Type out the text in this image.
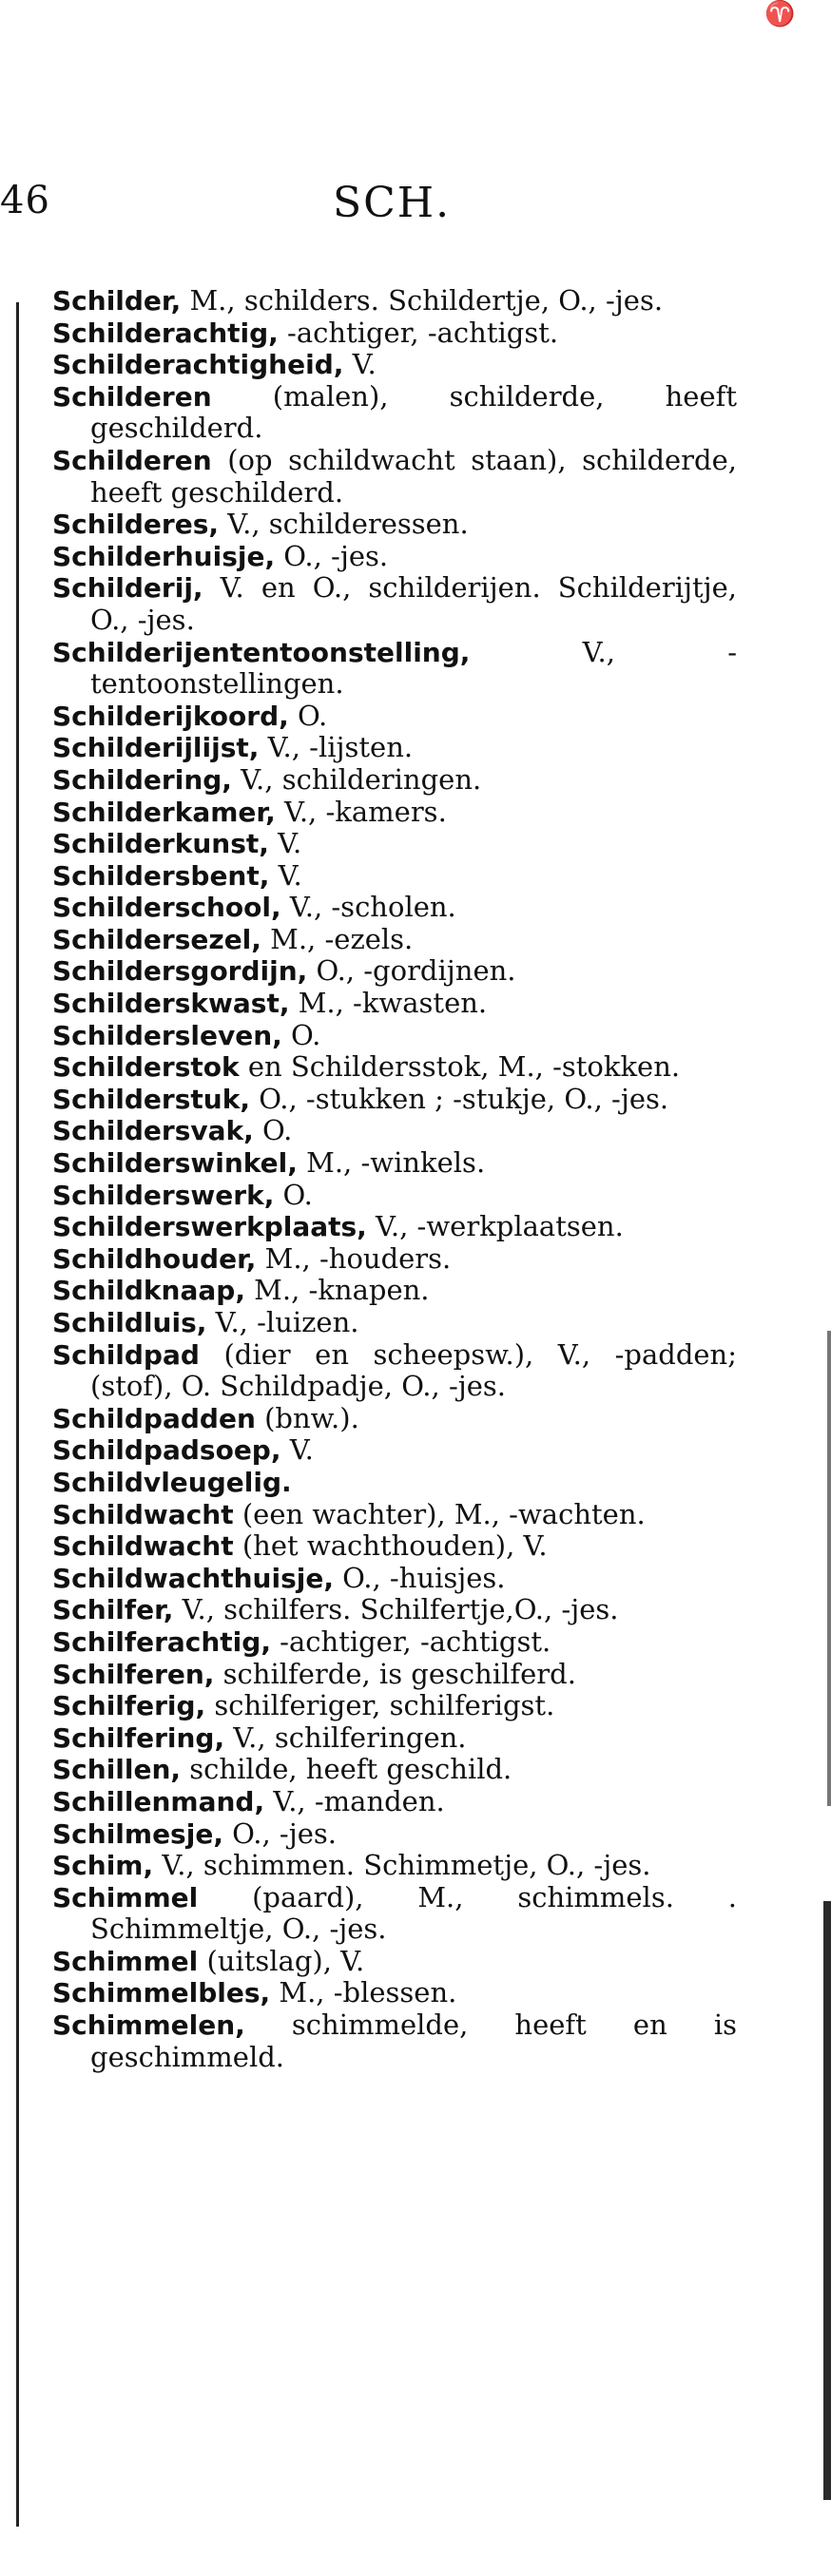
♈
46	SCH.
Schilder, M., schilders. Schildertje, O., -jes.
Schilderachtig, -achtiger, -achtigst.
Schilderachtigheid, V.
Schilderen (malen), schilderde, heeft geschilderd.
Schilderen (op schildwacht staan), schilderde, heeft geschilderd.
Schilderes, V., schilderessen.
Schilderhuisje, O., -jes.
Schilderij, V. en O., schilderijen. Schilderijtje, O., -jes.
Schilderijententoonstelling, V., -tentoonstellingen.
Schilderijkoord, O.
Schilderijlijst, V., -lijsten.
Schildering, V., schilderingen.
Schilderkamer, V., -kamers.
Schilderkunst, V.
Schildersbent, V.
Schilderschool, V., -scholen.
Schildersezel, M., -ezels.
Schildersgordijn, O., -gordijnen.
Schilderskwast, M., -kwasten.
Schildersleven, O.
Schilderstok en Schildersstok, M., -stokken.
Schilderstuk, O., -stukken ; -stukje, O., -jes.
Schildersvak, O.
Schilderswinkel, M., -winkels.
Schilderswerk, O.
Schilderswerkplaats, V., -werkplaatsen.
Schildhouder, M., -houders.
Schildknaap, M., -knapen.
Schildluis, V., -luizen.
Schildpad (dier en scheepsw.), V., -padden; (stof), O. Schildpadje, O., -jes.
Schildpadden (bnw.).
Schildpadsoep, V.
Schildvleugelig.
Schildwacht (een wachter), M., -wachten.
Schildwacht (het wachthouden), V.
Schildwachthuisje, O., -huisjes.
Schilfer, V., schilfers. Schilfertje,O., -jes.
Schilferachtig, -achtiger, -achtigst.
Schilferen, schilferde, is geschilferd.
Schilferig, schilferiger, schilferigst.
Schilfering, V., schilferingen.
Schillen, schilde, heeft geschild.
Schillenmand, V., -manden.
Schilmesje, O., -jes.
Schim, V., schimmen. Schimmetje, O., -jes.
Schimmel (paard), M., schimmels. . Schimmeltje, O., -jes.
Schimmel (uitslag), V.
Schimmelbles, M., -blessen.
Schimmelen, schimmelde, heeft en is geschimmeld.
